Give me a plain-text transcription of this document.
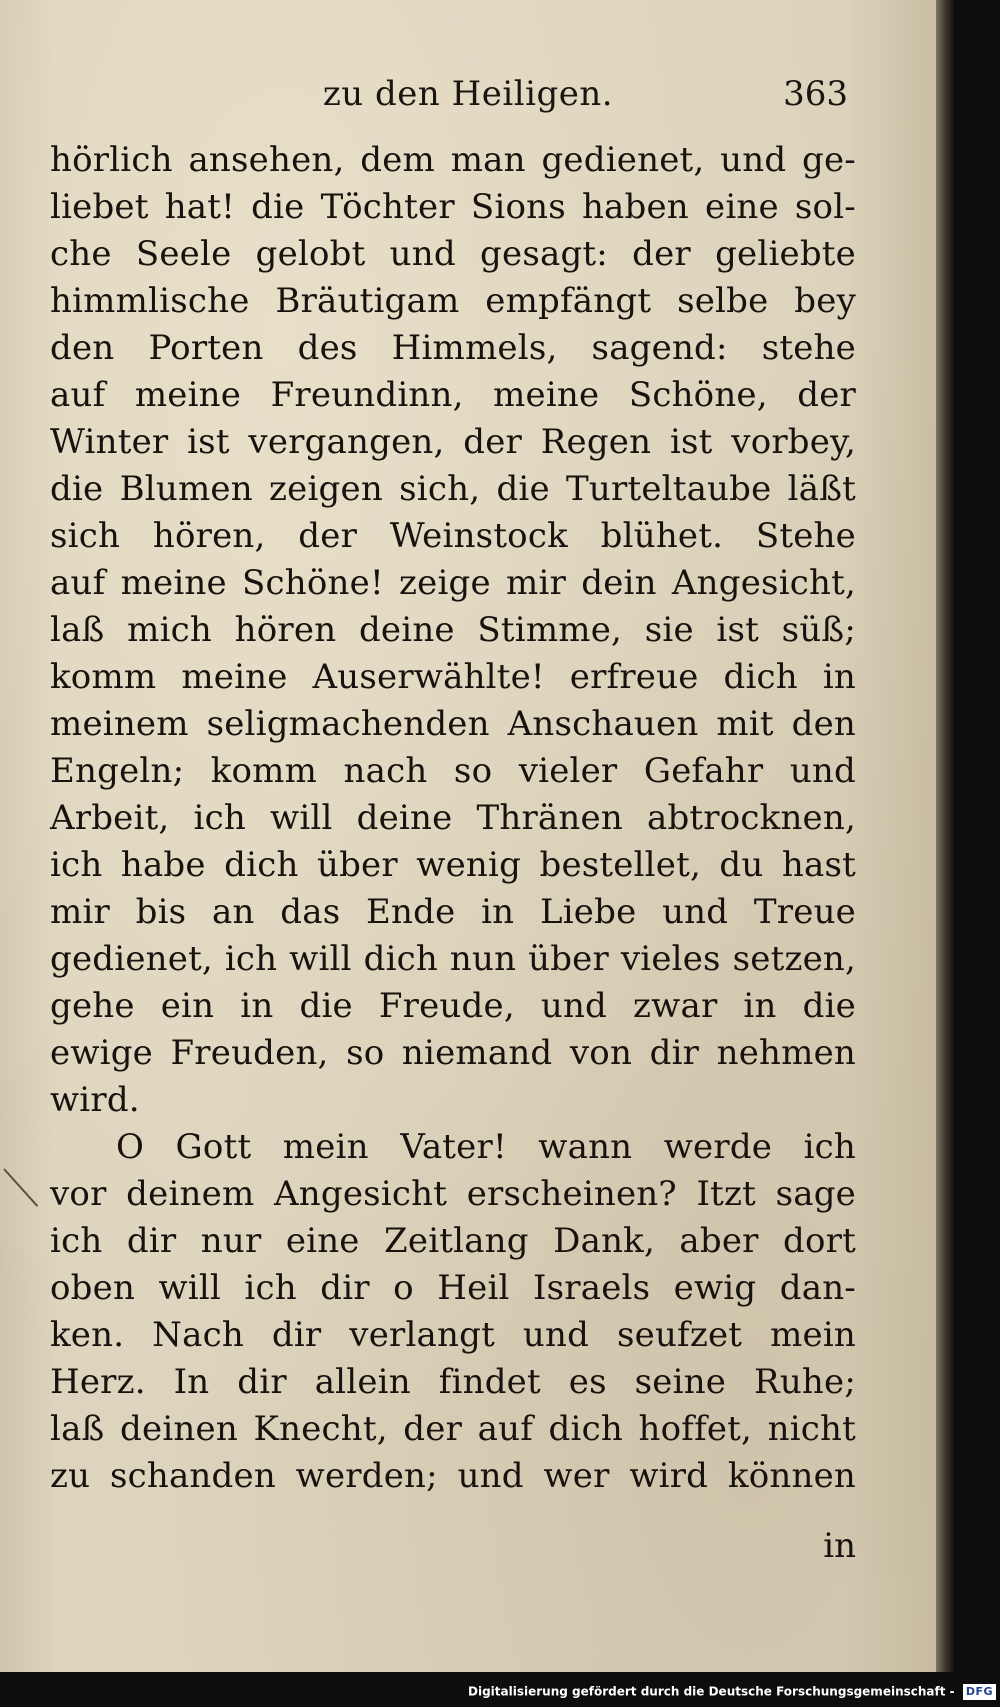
zu den Heiligen.	363
hörlich ansehen, dem man gedienet, und ge-
liebet hat! die Töchter Sions haben eine sol-
che Seele gelobt und gesagt: der geliebte
himmlische Bräutigam empfängt selbe bey
den Porten des Himmels, sagend: stehe
auf meine Freundinn, meine Schöne, der
Winter ist vergangen, der Regen ist vorbey,
die Blumen zeigen sich, die Turteltaube läßt
sich hören, der Weinstock blühet. Stehe
auf meine Schöne! zeige mir dein Angesicht,
laß mich hören deine Stimme, sie ist süß;
komm meine Auserwählte! erfreue dich in
meinem seligmachenden Anschauen mit den
Engeln; komm nach so vieler Gefahr und
Arbeit, ich will deine Thränen abtrocknen,
ich habe dich über wenig bestellet, du hast
mir bis an das Ende in Liebe und Treue
gedienet, ich will dich nun über vieles setzen,
gehe ein in die Freude, und zwar in die
ewige Freuden, so niemand von dir nehmen
wird.
O Gott mein Vater! wann werde ich
vor deinem Angesicht erscheinen? Itzt sage
ich dir nur eine Zeitlang Dank, aber dort
oben will ich dir o Heil Israels ewig dan-
ken. Nach dir verlangt und seufzet mein
Herz. In dir allein findet es seine Ruhe;
laß deinen Knecht, der auf dich hoffet, nicht
zu schanden werden; und wer wird können
in
Digitalisierung gefördert durch die Deutsche Forschungsgemeinschaft - DFG
